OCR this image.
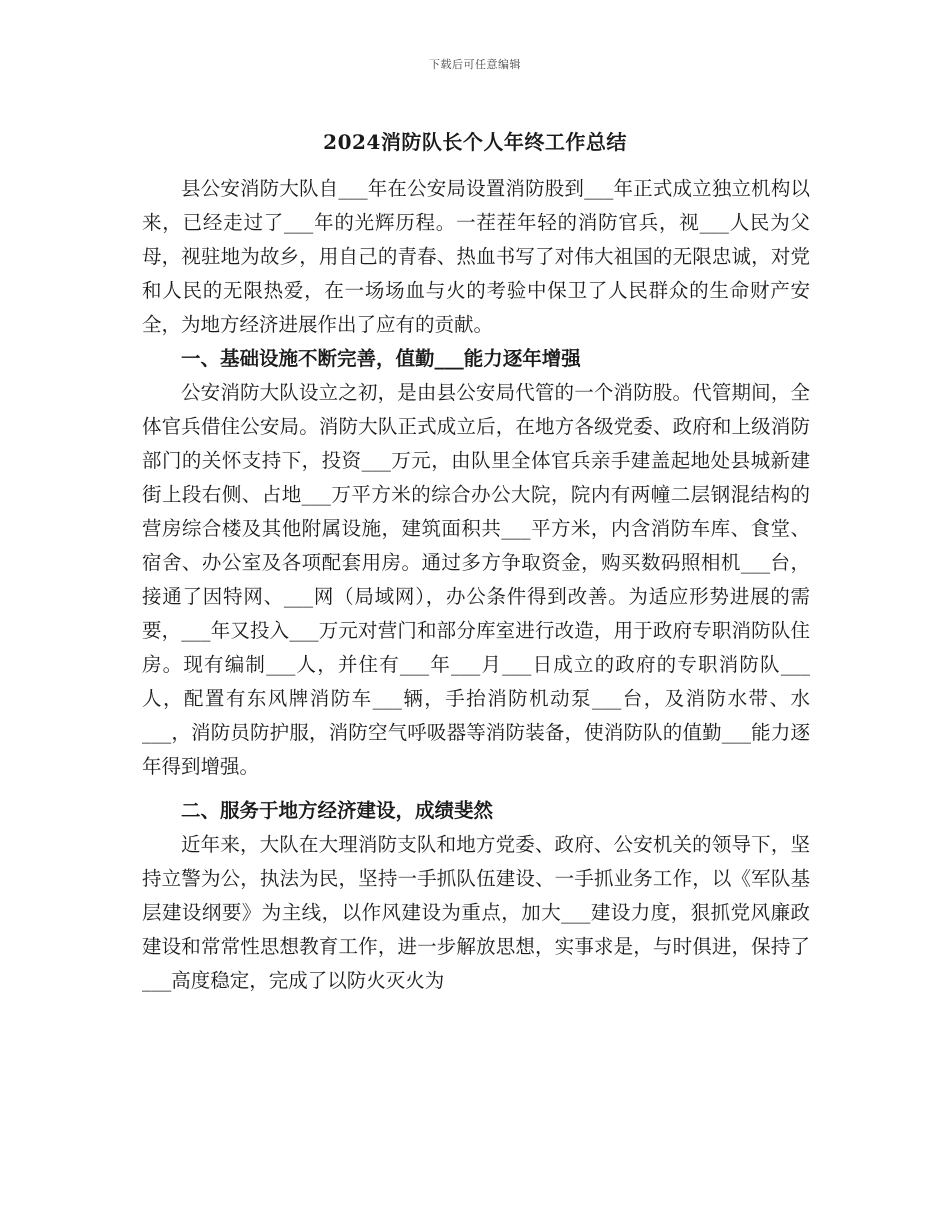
下载后可任意编辑
2024消防队长个人年终工作总结

县公安消防大队自___年在公安局设置消防股到___年正式成立独立机构以来，已经走过了___年的光辉历程。一茬茬年轻的消防官兵，视___人民为父母，视驻地为故乡，用自己的青春、热血书写了对伟大祖国的无限忠诚，对党和人民的无限热爱，在一场场血与火的考验中保卫了人民群众的生命财产安全，为地方经济进展作出了应有的贡献。

一、基础设施不断完善，值勤___能力逐年增强

公安消防大队设立之初，是由县公安局代管的一个消防股。代管期间，全体官兵借住公安局。消防大队正式成立后，在地方各级党委、政府和上级消防部门的关怀支持下，投资___万元，由队里全体官兵亲手建盖起地处县城新建街上段右侧、占地___万平方米的综合办公大院，院内有两幢二层钢混结构的营房综合楼及其他附属设施，建筑面积共___平方米，内含消防车库、食堂、宿舍、办公室及各项配套用房。通过多方争取资金，购买数码照相机___台，接通了因特网、___网（局域网），办公条件得到改善。为适应形势进展的需要，___年又投入___万元对营门和部分库室进行改造，用于政府专职消防队住房。现有编制___人，并住有___年___月___日成立的政府的专职消防队___人，配置有东风牌消防车___辆，手抬消防机动泵___台，及消防水带、水___，消防员防护服，消防空气呼吸器等消防装备，使消防队的值勤___能力逐年得到增强。

二、服务于地方经济建设，成绩斐然

近年来，大队在大理消防支队和地方党委、政府、公安机关的领导下，坚持立警为公，执法为民，坚持一手抓队伍建设、一手抓业务工作，以《军队基层建设纲要》为主线，以作风建设为重点，加大___建设力度，狠抓党风廉政建设和常常性思想教育工作，进一步解放思想，实事求是，与时俱进，保持了___高度稳定，完成了以防火灭火为
